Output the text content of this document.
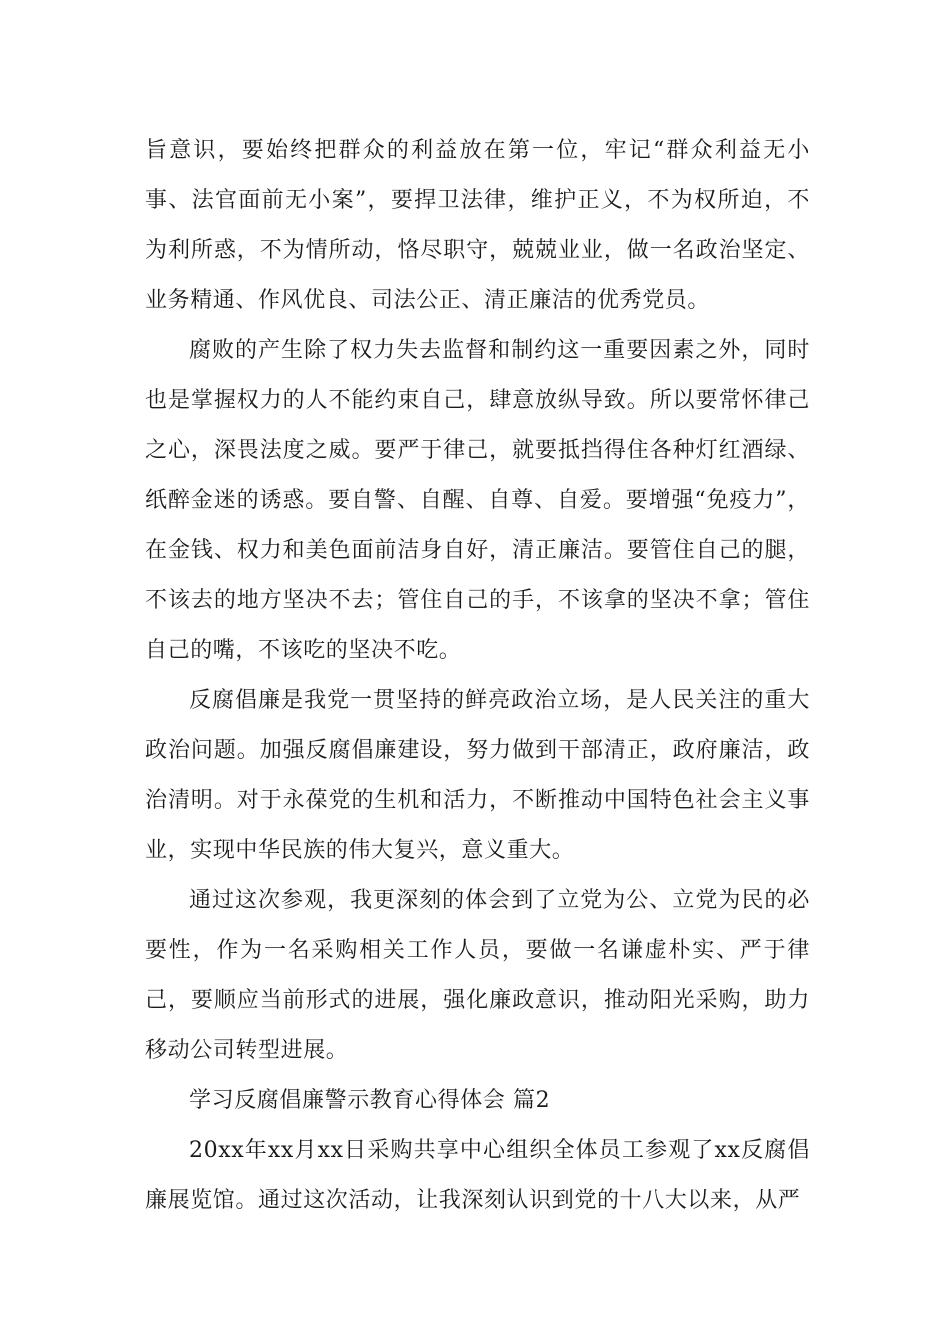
旨意识，要始终把群众的利益放在第一位，牢记“群众利益无小事、法官面前无小案”，要捍卫法律，维护正义，不为权所迫，不为利所惑，不为情所动，恪尽职守，兢兢业业，做一名政治坚定、业务精通、作风优良、司法公正、清正廉洁的优秀党员。

腐败的产生除了权力失去监督和制约这一重要因素之外，同时也是掌握权力的人不能约束自己，肆意放纵导致。所以要常怀律己之心，深畏法度之威。要严于律己，就要抵挡得住各种灯红酒绿、纸醉金迷的诱惑。要自警、自醒、自尊、自爱。要增强“免疫力”，在金钱、权力和美色面前洁身自好，清正廉洁。要管住自己的腿，不该去的地方坚决不去；管住自己的手，不该拿的坚决不拿；管住自己的嘴，不该吃的坚决不吃。

反腐倡廉是我党一贯坚持的鲜亮政治立场，是人民关注的重大政治问题。加强反腐倡廉建设，努力做到干部清正，政府廉洁，政治清明。对于永葆党的生机和活力，不断推动中国特色社会主义事业，实现中华民族的伟大复兴，意义重大。

通过这次参观，我更深刻的体会到了立党为公、立党为民的必要性，作为一名采购相关工作人员，要做一名谦虚朴实、严于律己，要顺应当前形式的进展，强化廉政意识，推动阳光采购，助力移动公司转型进展。

学习反腐倡廉警示教育心得体会 篇2

20xx年xx月xx日采购共享中心组织全体员工参观了xx反腐倡廉展览馆。通过这次活动，让我深刻认识到党的十八大以来，从严
